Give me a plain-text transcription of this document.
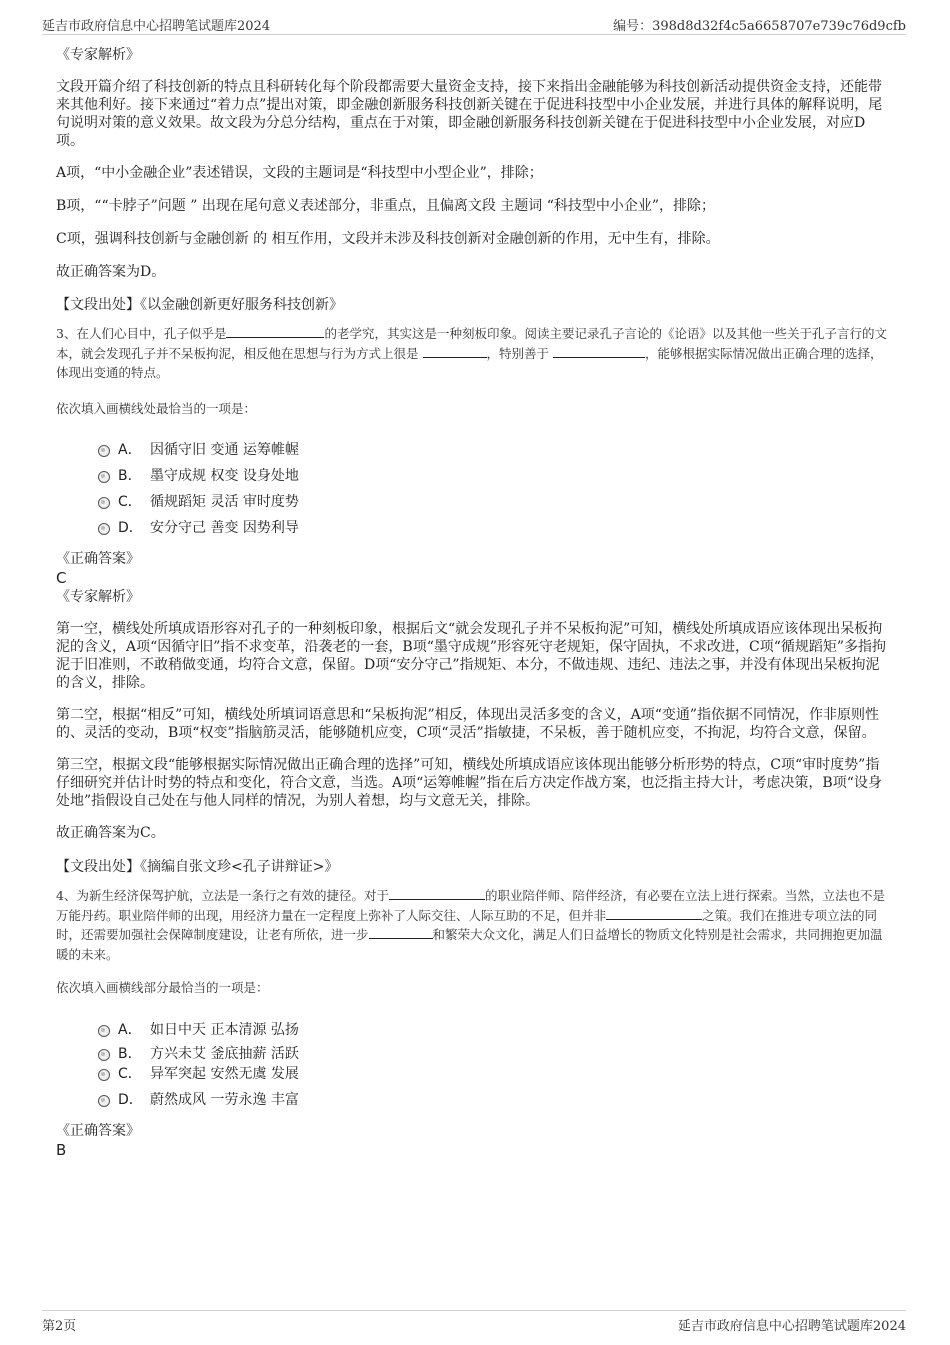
延吉市政府信息中心招聘笔试题库2024	编号：398d8d32f4c5a6658707e739c76d9cfb

《专家解析》

文段开篇介绍了科技创新的特点且科研转化每个阶段都需要大量资金支持，接下来指出金融能够为科技创新活动提供资金支持，还能带来其他利好。接下来通过“着力点”提出对策，即金融创新服务科技创新关键在于促进科技型中小企业发展，并进行具体的解释说明，尾句说明对策的意义效果。故文段为分总分结构，重点在于对策，即金融创新服务科技创新关键在于促进科技型中小企业发展，对应D项。

A项，“中小金融企业”表述错误，文段的主题词是“科技型中小型企业”，排除；

B项，““卡脖子”问题 ” 出现在尾句意义表述部分，非重点，且偏离文段 主题词 “科技型中小企业”，排除；

C项，强调科技创新与金融创新 的 相互作用，文段并未涉及科技创新对金融创新的作用，无中生有，排除。

故正确答案为D。

【文段出处】《以金融创新更好服务科技创新》

3、在人们心目中，孔子似乎是	的老学究，其实这是一种刻板印象。阅读主要记录孔子言论的《论语》以及其他一些关于孔子言行的文本，就会发现孔子并不呆板拘泥，相反他在思想与行为方式上很是	，特别善于	，能够根据实际情况做出正确合理的选择，体现出变通的特点。

依次填入画横线处最恰当的一项是：

A． 因循守旧 变通 运筹帷幄
B． 墨守成规 权变 设身处地
C． 循规蹈矩 灵活 审时度势
D． 安分守己 善变 因势利导

《正确答案》

C

《专家解析》

第一空，横线处所填成语形容对孔子的一种刻板印象，根据后文“就会发现孔子并不呆板拘泥”可知，横线处所填成语应该体现出呆板拘泥的含义，A项“因循守旧”指不求变革，沿袭老的一套，B项“墨守成规”形容死守老规矩，保守固执，不求改进，C项“循规蹈矩”多指拘泥于旧准则，不敢稍做变通，均符合文意，保留。D项“安分守己”指规矩、本分，不做违规、违纪、违法之事，并没有体现出呆板拘泥的含义，排除。

第二空，根据“相反”可知，横线处所填词语意思和“呆板拘泥”相反，体现出灵活多变的含义，A项“变通”指依据不同情况，作非原则性的、灵活的变动，B项“权变”指脑筋灵活，能够随机应变，C项“灵活”指敏捷，不呆板，善于随机应变，不拘泥，均符合文意，保留。

第三空，根据文段“能够根据实际情况做出正确合理的选择”可知，横线处所填成语应该体现出能够分析形势的特点，C项“审时度势”指仔细研究并估计时势的特点和变化，符合文意，当选。A项“运筹帷幄”指在后方决定作战方案，也泛指主持大计，考虑决策，B项“设身处地”指假设自己处在与他人同样的情况，为别人着想，均与文意无关，排除。

故正确答案为C。

【文段出处】《摘编自张文珍<孔子讲辩证>》

4、为新生经济保驾护航，立法是一条行之有效的捷径。对于	的职业陪伴师、陪伴经济，有必要在立法上进行探索。当然，立法也不是万能丹药。职业陪伴师的出现，用经济力量在一定程度上弥补了人际交往、人际互助的不足，但并非	之策。我们在推进专项立法的同时，还需要加强社会保障制度建设，让老有所依，进一步	和繁荣大众文化，满足人们日益增长的物质文化特别是社会需求，共同拥抱更加温暖的未来。

依次填入画横线部分最恰当的一项是：

A． 如日中天 正本清源 弘扬
B． 方兴未艾 釜底抽薪 活跃
C． 异军突起 安然无虞 发展
D． 蔚然成风 一劳永逸 丰富

《正确答案》

B

第2页	延吉市政府信息中心招聘笔试题库2024
